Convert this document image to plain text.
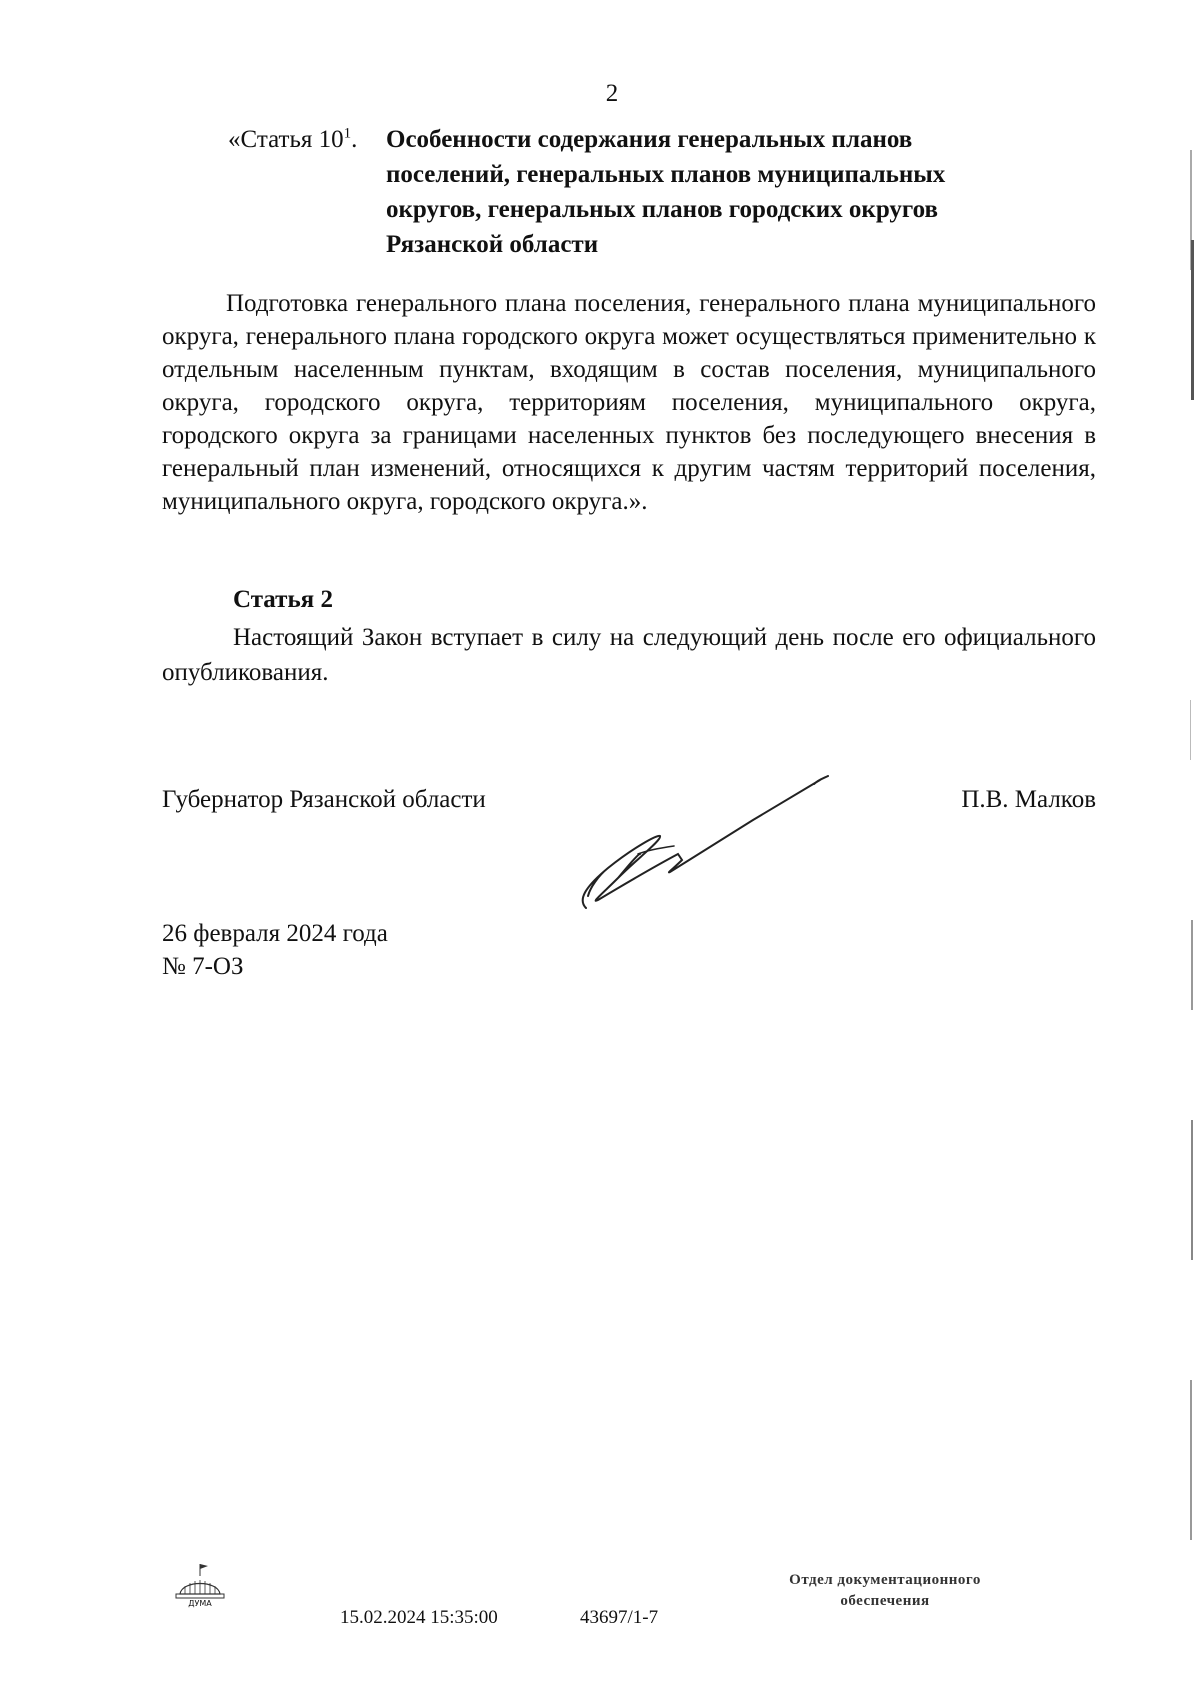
2
«Статья $10^1$. Особенности содержания генеральных планов
поселений, генеральных планов муниципальных
округов, генеральных планов городских округов
Рязанской области
Подготовка генерального плана поселения, генерального плана муниципального округа, генерального плана городского округа может осуществляться применительно к отдельным населенным пунктам, входящим в состав поселения, муниципального округа, городского округа, территориям поселения, муниципального округа, городского округа за границами населенных пунктов без последующего внесения в генеральный план изменений, относящихся к другим частям территорий поселения, муниципального округа, городского округа.».
Статья 2
Настоящий Закон вступает в силу на следующий день после его официального опубликования.
Губернатор Рязанской области	П.В. Малков
26 февраля 2024 года
№ 7-ОЗ
ДУМА
15.02.2024 15:35:00	43697/1-7
Отдел документационного
обеспечения
